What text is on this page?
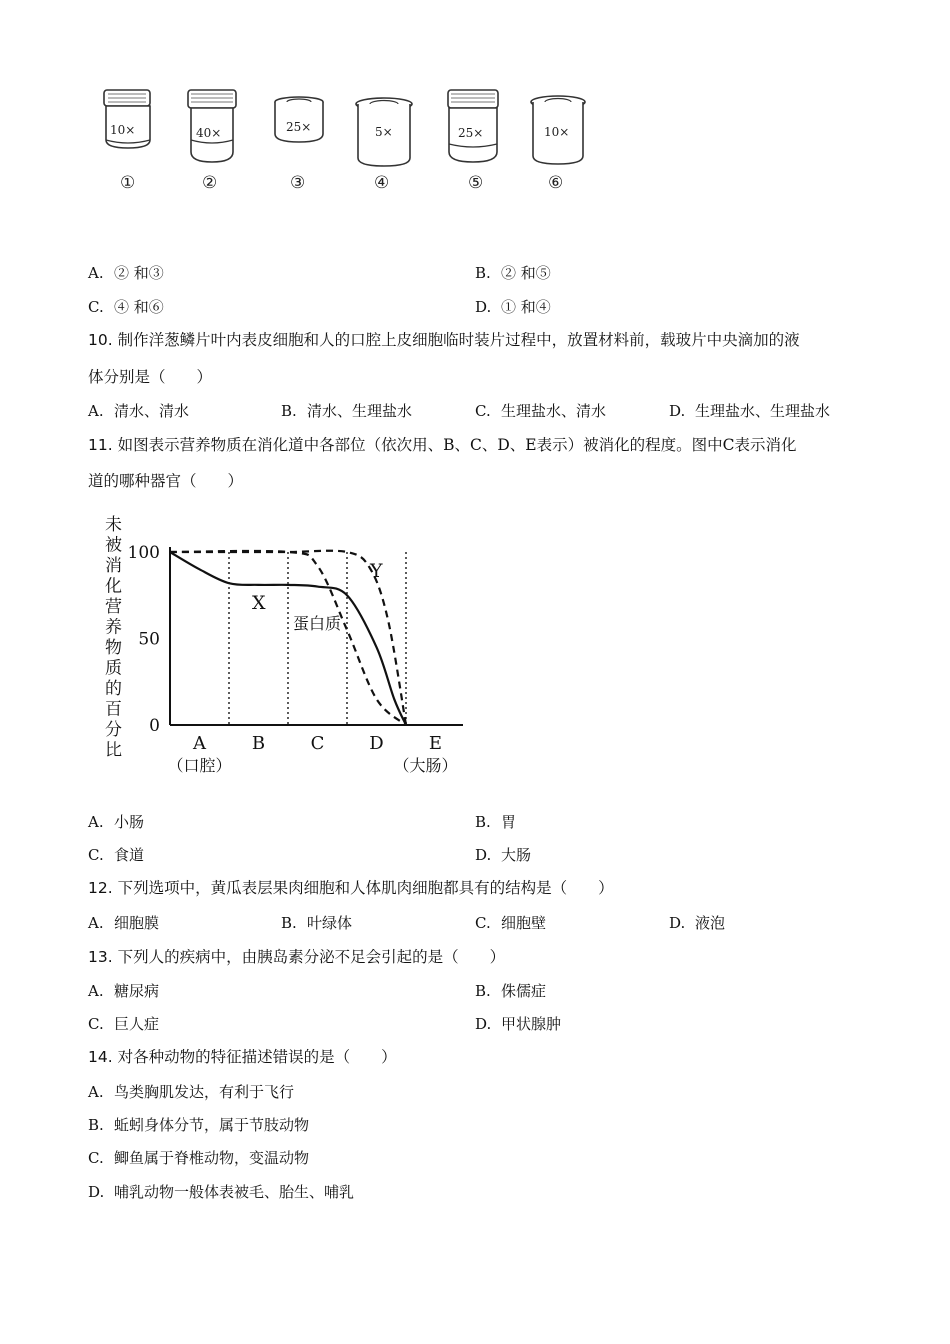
10×	40×	25×	5×	25×	10×
①	②	③	④	⑤	⑥
A. ② 和③	B. ② 和⑤
C. ④ 和⑥	D. ① 和④
10. 制作洋葱鳞片叶内表皮细胞和人的口腔上皮细胞临时装片过程中，放置材料前，载玻片中央滴加的液
体分别是（　　）
A. 清水、清水	B. 清水、生理盐水	C. 生理盐水、清水	D. 生理盐水、生理盐水
11. 如图表示营养物质在消化道中各部位（依次用、B、C、D、E表示）被消化的程度。图中C表示消化
道的哪种器官（　　）
未
被
消
化
营
养
物
质
的
百
分
比
100
50
0
A	B	C D	E
（口腔）	（大肠）
X
Y
蛋白质
A. 小肠	B. 胃
C. 食道	D. 大肠
12. 下列选项中，黄瓜表层果肉细胞和人体肌肉细胞都具有的结构是（　　）
A. 细胞膜	B. 叶绿体	C. 细胞壁	D. 液泡
13. 下列人的疾病中，由胰岛素分泌不足会引起的是（　　）
A. 糖尿病	B. 侏儒症
C. 巨人症	D. 甲状腺肿
14. 对各种动物的特征描述错误的是（　　）
A. 鸟类胸肌发达，有利于飞行
B. 蚯蚓身体分节，属于节肢动物
C. 鲫鱼属于脊椎动物，变温动物
D. 哺乳动物一般体表被毛、胎生、哺乳
